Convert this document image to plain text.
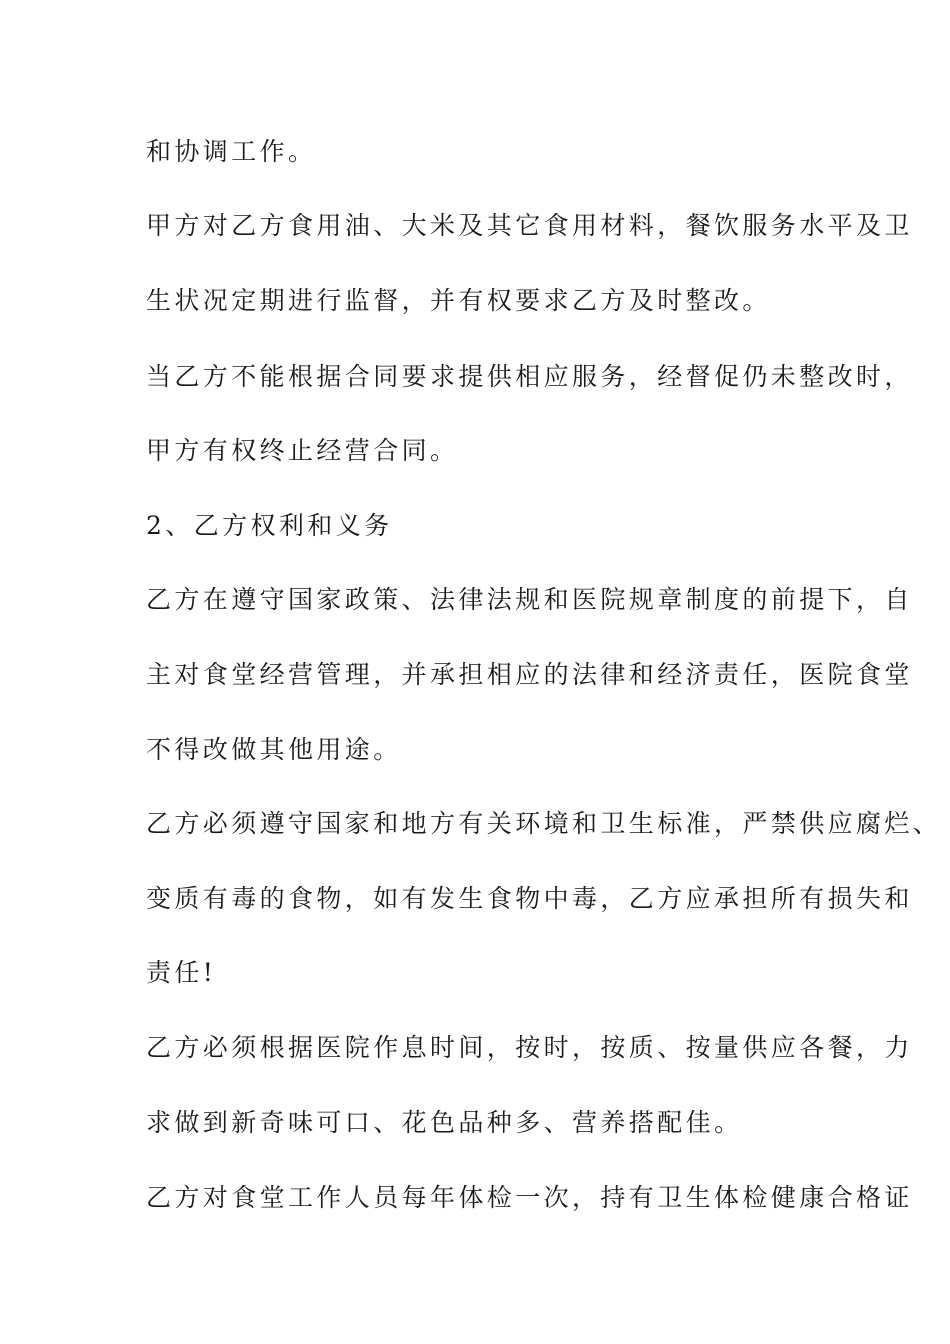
和协调工作。
甲方对乙方食用油、大米及其它食用材料，餐饮服务水平及卫
生状况定期进行监督，并有权要求乙方及时整改。
当乙方不能根据合同要求提供相应服务，经督促仍未整改时，
甲方有权终止经营合同。
2、乙方权利和义务
乙方在遵守国家政策、法律法规和医院规章制度的前提下，自
主对食堂经营管理，并承担相应的法律和经济责任，医院食堂
不得改做其他用途。
乙方必须遵守国家和地方有关环境和卫生标准，严禁供应腐烂、
变质有毒的食物，如有发生食物中毒，乙方应承担所有损失和
责任!
乙方必须根据医院作息时间，按时，按质、按量供应各餐，力
求做到新奇味可口、花色品种多、营养搭配佳。
乙方对食堂工作人员每年体检一次，持有卫生体检健康合格证
